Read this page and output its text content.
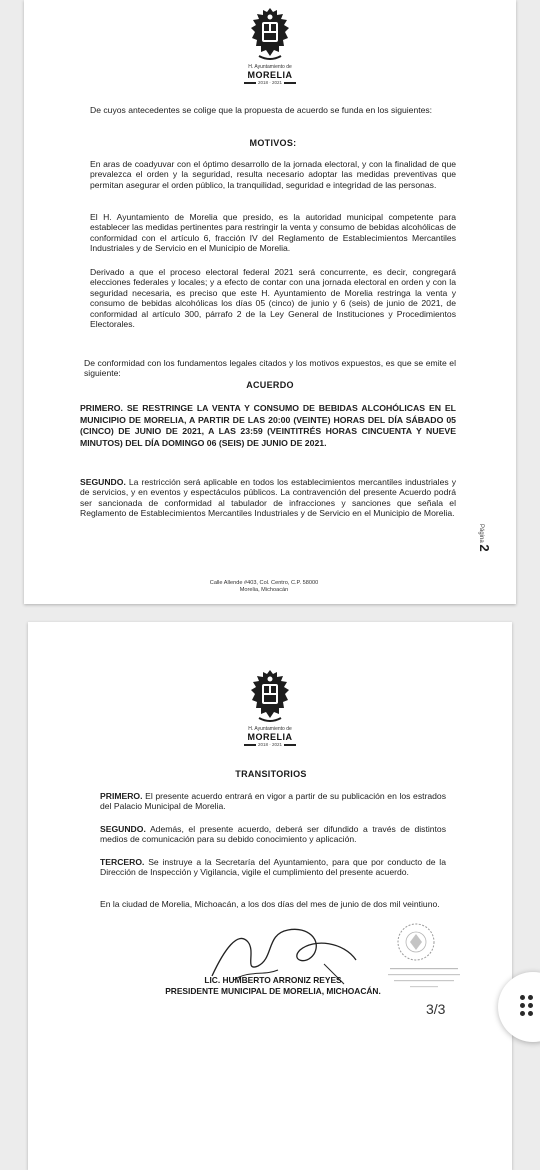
H. Ayuntamiento de
MORELIA
2018 · 2021
De cuyos antecedentes se colige que la propuesta de acuerdo se funda en los siguientes:
MOTIVOS:
En aras de coadyuvar con el óptimo desarrollo de la jornada electoral, y con la finalidad de que prevalezca el orden y la seguridad, resulta necesario adoptar las medidas preventivas que permitan asegurar el orden público, la tranquilidad, seguridad e integridad de las personas.
El H. Ayuntamiento de Morelia que presido, es la autoridad municipal competente para establecer las medidas pertinentes para restringir la venta y consumo de bebidas alcohólicas de conformidad con el artículo 6, fracción IV del Reglamento de Establecimientos Mercantiles Industriales y de Servicio en el Municipio de Morelia.
Derivado a que el proceso electoral federal 2021 será concurrente, es decir, congregará elecciones federales y locales; y a efecto de contar con una jornada electoral en orden y con la seguridad necesaria, es preciso que este H. Ayuntamiento de Morelia restringa la venta y consumo de bebidas alcohólicas los días 05 (cinco) de junio y 6 (seis) de junio de 2021, de conformidad al artículo 300, párrafo 2 de la Ley General de Instituciones y Procedimientos Electorales.
De conformidad con los fundamentos legales citados y los motivos expuestos, es que se emite el siguiente:
ACUERDO
PRIMERO. SE RESTRINGE LA VENTA Y CONSUMO DE BEBIDAS ALCOHÓLICAS EN EL MUNICIPIO DE MORELIA, A PARTIR DE LAS 20:00 (VEINTE) HORAS DEL DÍA SÁBADO 05 (CINCO) DE JUNIO DE 2021, A LAS 23:59 (VEINTITRÉS HORAS CINCUENTA Y NUEVE MINUTOS) DEL DÍA DOMINGO 06 (SEIS) DE JUNIO DE 2021.
SEGUNDO. La restricción será aplicable en todos los establecimientos mercantiles industriales y de servicios, y en eventos y espectáculos públicos. La contravención del presente Acuerdo podrá ser sancionada de conformidad al tabulador de infracciones y sanciones que señala el Reglamento de Establecimientos Mercantiles Industriales y de Servicio en el Municipio de Morelia.
Página 2
Calle Allende #403, Col. Centro, C.P. 58000
Morelia, Michoacán
H. Ayuntamiento de
MORELIA
2018 · 2021
TRANSITORIOS
PRIMERO. El presente acuerdo entrará en vigor a partir de su publicación en los estrados del Palacio Municipal de Morelia.
SEGUNDO. Además, el presente acuerdo, deberá ser difundido a través de distintos medios de comunicación para su debido conocimiento y aplicación.
TERCERO. Se instruye a la Secretaría del Ayuntamiento, para que por conducto de la Dirección de Inspección y Vigilancia, vigile el cumplimiento del presente acuerdo.
En la ciudad de Morelia, Michoacán, a los dos días del mes de junio de dos mil veintiuno.
LIC. HUMBERTO ARRONIZ REYES
PRESIDENTE MUNICIPAL DE MORELIA, MICHOACÁN.
3/3
